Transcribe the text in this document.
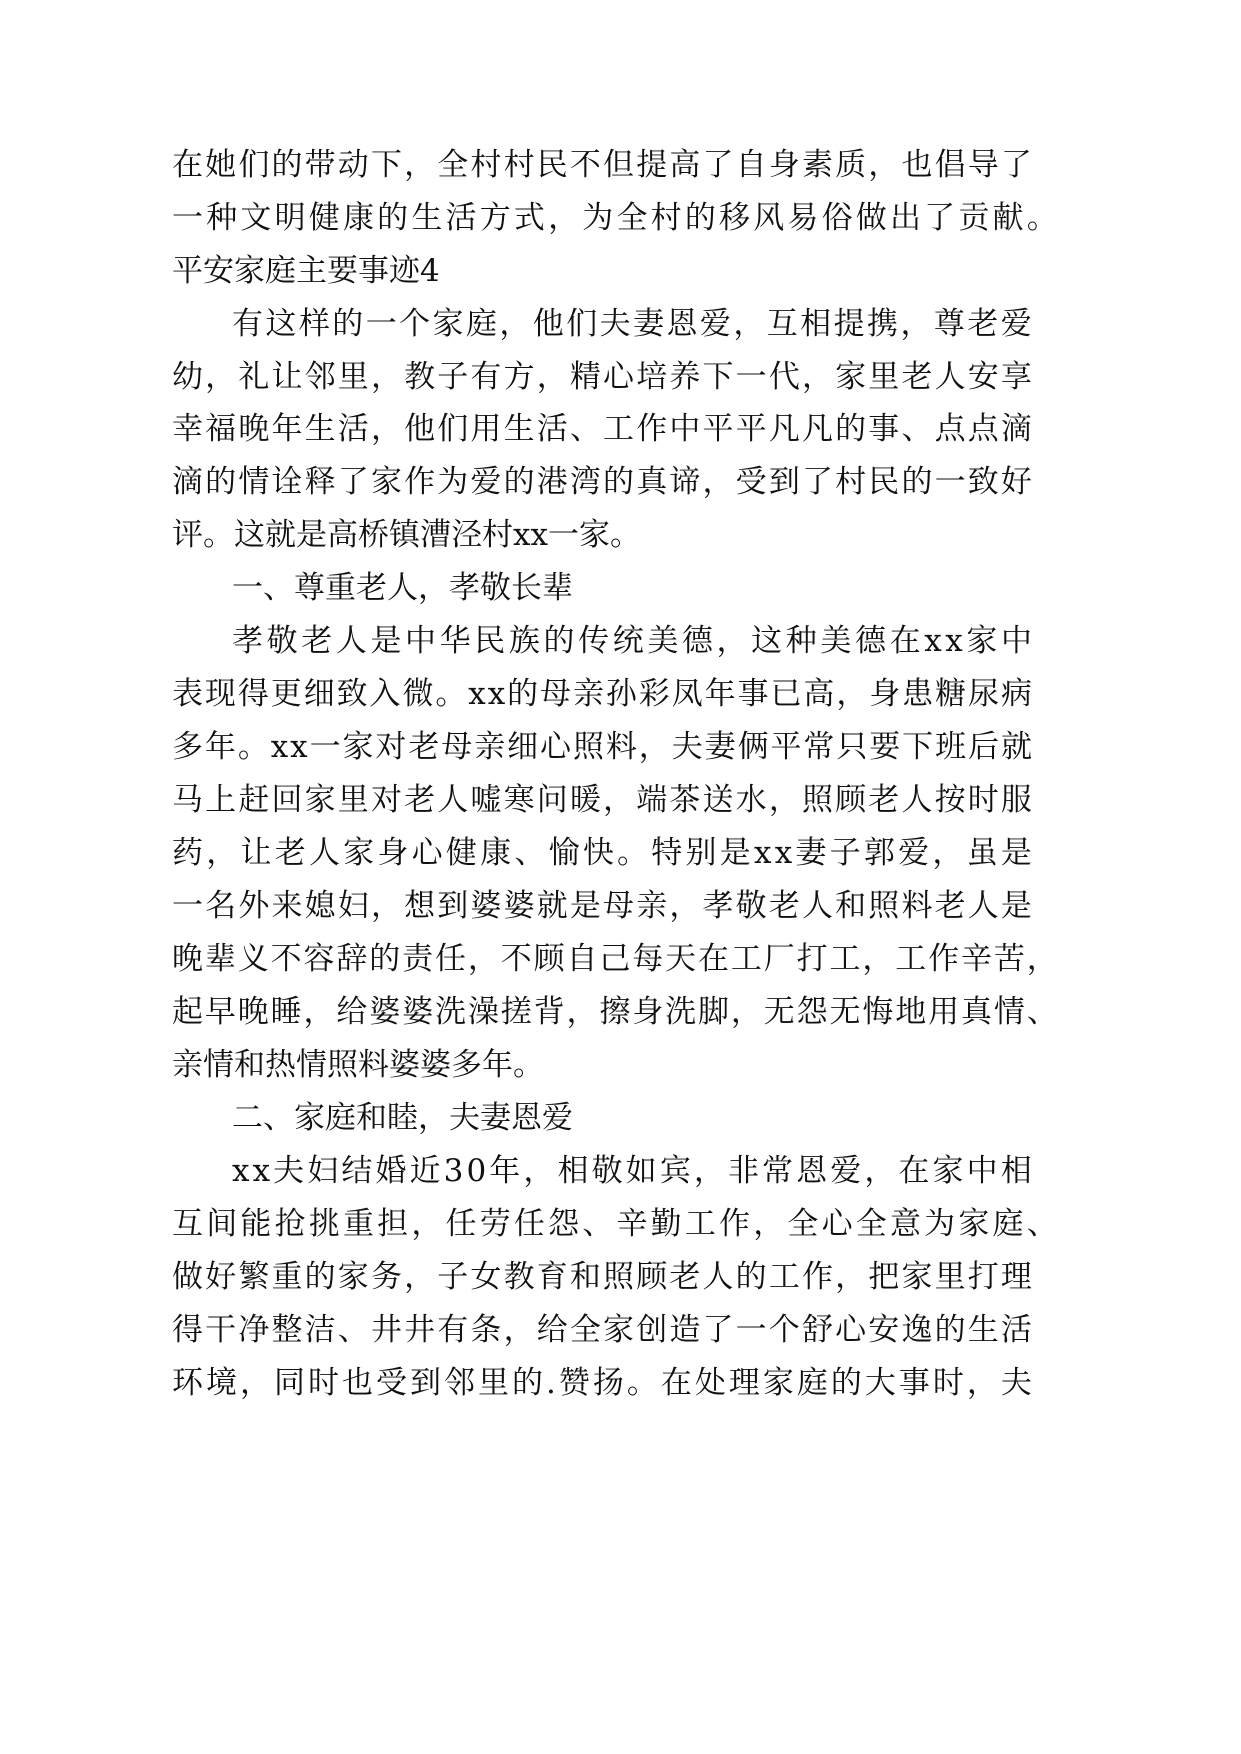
在 她 们 的 带 动 下 ， 全 村 村 民 不 但 提 高 了 自 身 素 质 ， 也 倡 导 了
一 种 文 明 健 康 的 生 活 方 式 ， 为 全 村 的 移 风 易 俗 做 出 了 贡 献 。
平安家庭主要事迹4
有 这 样 的 一 个 家 庭 ， 他 们 夫 妻 恩 爱 ， 互 相 提 携 ， 尊 老 爱
幼 ， 礼 让 邻 里 ， 教 子 有 方 ， 精 心 培 养 下 一 代 ， 家 里 老 人 安 享
幸 福 晚 年 生 活 ， 他 们 用 生 活 、 工 作 中 平 平 凡 凡 的 事 、 点 点 滴
滴 的 情 诠 释 了 家 作 为 爱 的 港 湾 的 真 谛 ， 受 到 了 村 民 的 一 致 好
评。这就是高桥镇漕泾村xx一家。
一、尊重老人，孝敬长辈
孝 敬 老 人 是 中 华 民 族 的 传 统 美 德 ， 这 种 美 德 在 x x 家 中
表 现 得 更 细 致 入 微 。 x x 的 母 亲 孙 彩 凤 年 事 已 高 ， 身 患 糖 尿 病
多 年 。 x x 一 家 对 老 母 亲 细 心 照 料 ， 夫 妻 俩 平 常 只 要 下 班 后 就
马 上 赶 回 家 里 对 老 人 嘘 寒 问 暖 ， 端 茶 送 水 ， 照 顾 老 人 按 时 服
药 ， 让 老 人 家 身 心 健 康 、 愉 快 。 特 别 是 x x 妻 子 郭 爱 ， 虽 是
一 名 外 来 媳 妇 ， 想 到 婆 婆 就 是 母 亲 ， 孝 敬 老 人 和 照 料 老 人 是
晚 辈 义 不 容 辞 的 责 任 ， 不 顾 自 己 每 天 在 工 厂 打 工 ， 工 作 辛 苦 ，
起 早 晚 睡 ， 给 婆 婆 洗 澡 搓 背 ， 擦 身 洗 脚 ， 无 怨 无 悔 地 用 真 情 、
亲情和热情照料婆婆多年。
二、家庭和睦，夫妻恩爱
x x 夫 妇 结 婚 近 3 0 年 ， 相 敬 如 宾 ， 非 常 恩 爱 ， 在 家 中 相
互 间 能 抢 挑 重 担 ， 任 劳 任 怨 、 辛 勤 工 作 ， 全 心 全 意 为 家 庭 、
做 好 繁 重 的 家 务 ， 子 女 教 育 和 照 顾 老 人 的 工 作 ， 把 家 里 打 理
得 干 净 整 洁 、 井 井 有 条 ， 给 全 家 创 造 了 一 个 舒 心 安 逸 的 生 活
环 境 ， 同 时 也 受 到 邻 里 的 . 赞 扬 。 在 处 理 家 庭 的 大 事 时 ， 夫
